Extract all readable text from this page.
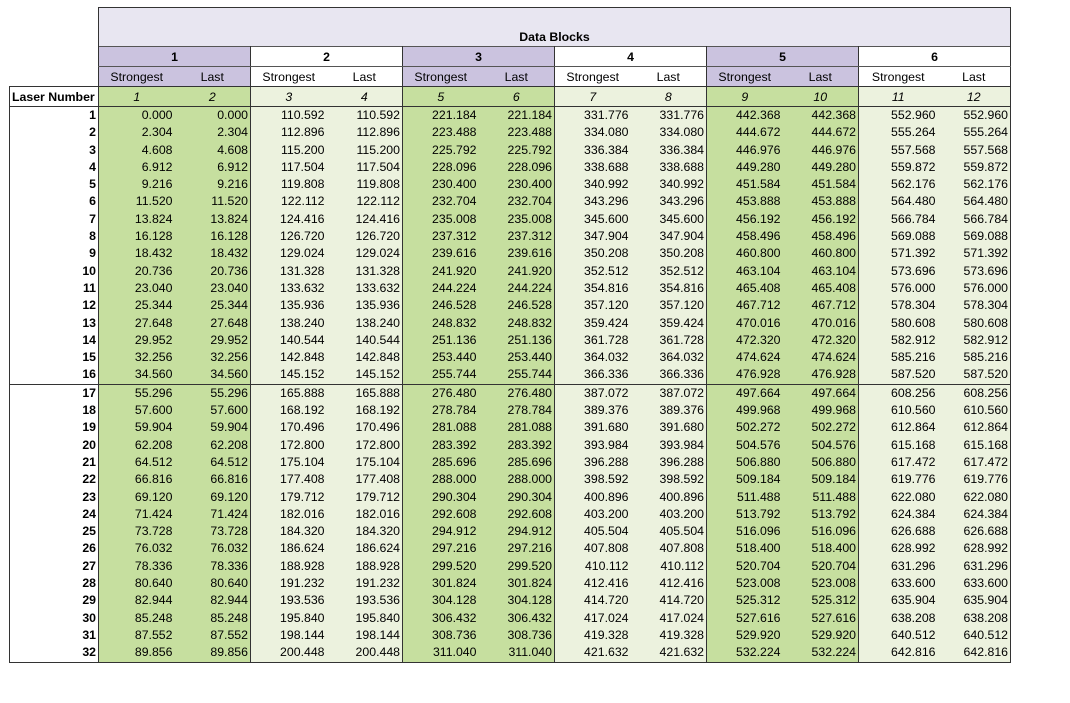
	Data Blocks											
	1		2		3		4		5		6	
	Strongest	Last	Strongest	Last	Strongest	Last	Strongest	Last	Strongest	Last	Strongest	Last
Laser Number	1	2	3	4	5	6	7	8	9	10	11	12
1	0.000	0.000	110.592	110.592	221.184	221.184	331.776	331.776	442.368	442.368	552.960	552.960
2	2.304	2.304	112.896	112.896	223.488	223.488	334.080	334.080	444.672	444.672	555.264	555.264
3	4.608	4.608	115.200	115.200	225.792	225.792	336.384	336.384	446.976	446.976	557.568	557.568
4	6.912	6.912	117.504	117.504	228.096	228.096	338.688	338.688	449.280	449.280	559.872	559.872
5	9.216	9.216	119.808	119.808	230.400	230.400	340.992	340.992	451.584	451.584	562.176	562.176
6	11.520	11.520	122.112	122.112	232.704	232.704	343.296	343.296	453.888	453.888	564.480	564.480
7	13.824	13.824	124.416	124.416	235.008	235.008	345.600	345.600	456.192	456.192	566.784	566.784
8	16.128	16.128	126.720	126.720	237.312	237.312	347.904	347.904	458.496	458.496	569.088	569.088
9	18.432	18.432	129.024	129.024	239.616	239.616	350.208	350.208	460.800	460.800	571.392	571.392
10	20.736	20.736	131.328	131.328	241.920	241.920	352.512	352.512	463.104	463.104	573.696	573.696
11	23.040	23.040	133.632	133.632	244.224	244.224	354.816	354.816	465.408	465.408	576.000	576.000
12	25.344	25.344	135.936	135.936	246.528	246.528	357.120	357.120	467.712	467.712	578.304	578.304
13	27.648	27.648	138.240	138.240	248.832	248.832	359.424	359.424	470.016	470.016	580.608	580.608
14	29.952	29.952	140.544	140.544	251.136	251.136	361.728	361.728	472.320	472.320	582.912	582.912
15	32.256	32.256	142.848	142.848	253.440	253.440	364.032	364.032	474.624	474.624	585.216	585.216
16	34.560	34.560	145.152	145.152	255.744	255.744	366.336	366.336	476.928	476.928	587.520	587.520
17	55.296	55.296	165.888	165.888	276.480	276.480	387.072	387.072	497.664	497.664	608.256	608.256
18	57.600	57.600	168.192	168.192	278.784	278.784	389.376	389.376	499.968	499.968	610.560	610.560
19	59.904	59.904	170.496	170.496	281.088	281.088	391.680	391.680	502.272	502.272	612.864	612.864
20	62.208	62.208	172.800	172.800	283.392	283.392	393.984	393.984	504.576	504.576	615.168	615.168
21	64.512	64.512	175.104	175.104	285.696	285.696	396.288	396.288	506.880	506.880	617.472	617.472
22	66.816	66.816	177.408	177.408	288.000	288.000	398.592	398.592	509.184	509.184	619.776	619.776
23	69.120	69.120	179.712	179.712	290.304	290.304	400.896	400.896	511.488	511.488	622.080	622.080
24	71.424	71.424	182.016	182.016	292.608	292.608	403.200	403.200	513.792	513.792	624.384	624.384
25	73.728	73.728	184.320	184.320	294.912	294.912	405.504	405.504	516.096	516.096	626.688	626.688
26	76.032	76.032	186.624	186.624	297.216	297.216	407.808	407.808	518.400	518.400	628.992	628.992
27	78.336	78.336	188.928	188.928	299.520	299.520	410.112	410.112	520.704	520.704	631.296	631.296
28	80.640	80.640	191.232	191.232	301.824	301.824	412.416	412.416	523.008	523.008	633.600	633.600
29	82.944	82.944	193.536	193.536	304.128	304.128	414.720	414.720	525.312	525.312	635.904	635.904
30	85.248	85.248	195.840	195.840	306.432	306.432	417.024	417.024	527.616	527.616	638.208	638.208
31	87.552	87.552	198.144	198.144	308.736	308.736	419.328	419.328	529.920	529.920	640.512	640.512
32	89.856	89.856	200.448	200.448	311.040	311.040	421.632	421.632	532.224	532.224	642.816	642.816
